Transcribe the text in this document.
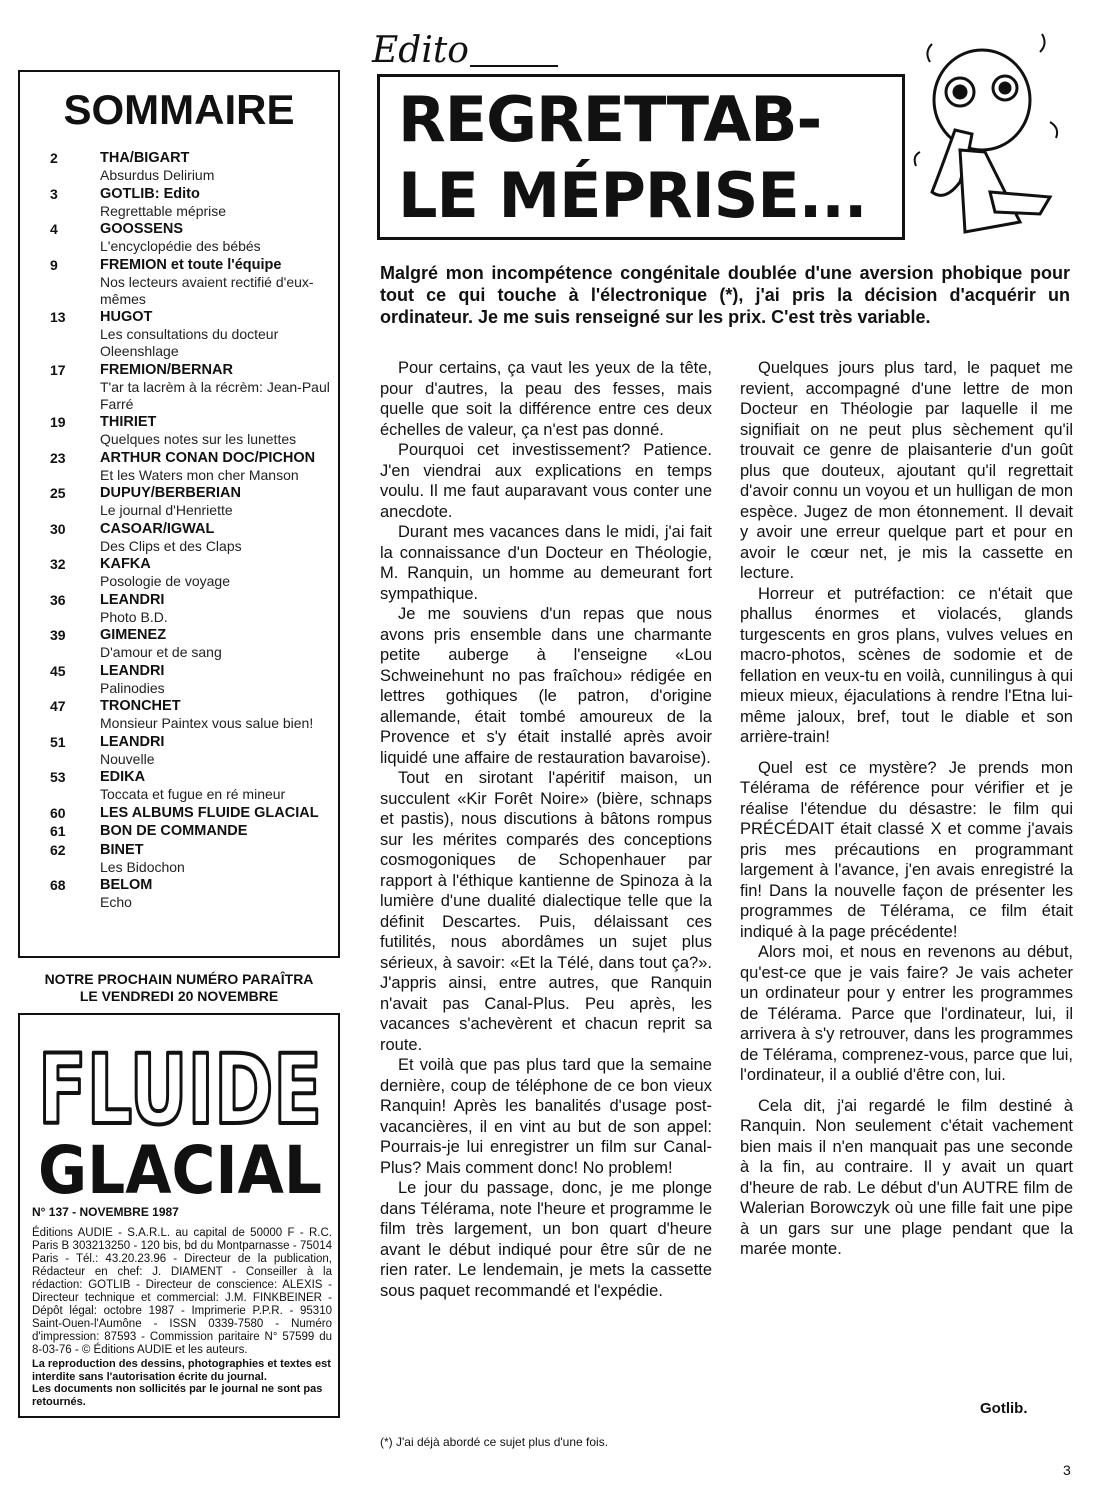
SOMMAIRE
2	THA/BIGART
Absurdus Delirium
3	GOTLIB: Edito
Regrettable méprise
4	GOOSSENS
L'encyclopédie des bébés
9	FREMION et toute l'équipe
Nos lecteurs avaient rectifié d'eux-mêmes
13	HUGOT
Les consultations du docteur Oleenshlage
17	FREMION/BERNAR
T'ar ta lacrèm à la récrèm: Jean-Paul Farré
19	THIRIET
Quelques notes sur les lunettes
23	ARTHUR CONAN DOC/PICHON
Et les Waters mon cher Manson
25	DUPUY/BERBERIAN
Le journal d'Henriette
30	CASOAR/IGWAL
Des Clips et des Claps
32	KAFKA
Posologie de voyage
36	LEANDRI
Photo B.D.
39	GIMENEZ
D'amour et de sang
45	LEANDRI
Palinodies
47	TRONCHET
Monsieur Paintex vous salue bien!
51	LEANDRI
Nouvelle
53	EDIKA
Toccata et fugue en ré mineur
60	LES ALBUMS FLUIDE GLACIAL
61	BON DE COMMANDE
62	BINET
Les Bidochon
68	BELOM
Echo
NOTRE PROCHAIN NUMÉRO PARAÎTRA
LE VENDREDI 20 NOVEMBRE
FLUIDE
GLACIAL
N° 137 - NOVEMBRE 1987
Éditions AUDIE - S.A.R.L. au capital de 50000 F - R.C. Paris B 303213250 - 120 bis, bd du Montparnasse - 75014 Paris - Tél.: 43.20.23.96 - Directeur de la publication, Rédacteur en chef: J. DIAMENT - Conseiller à la rédaction: GOTLIB - Directeur de conscience: ALEXIS - Directeur technique et commercial: J.M. FINKBEINER - Dépôt légal: octobre 1987 - Imprimerie P.P.R. - 95310 Saint-Ouen-l'Aumône - ISSN 0339-7580 - Numéro d'impression: 87593 - Commission paritaire N° 57599 du 8-03-76 - © Éditions AUDIE et les auteurs.
La reproduction des dessins, photographies et textes est interdite sans l'autorisation écrite du journal.
Les documents non sollicités par le journal ne sont pas retournés.
Edito
REGRETTAB-
LE MÉPRISE...
Malgré mon incompétence congénitale doublée d'une aversion phobique pour tout ce qui touche à l'électronique (*), j'ai pris la décision d'acquérir un ordinateur. Je me suis renseigné sur les prix. C'est très variable.

Pour certains, ça vaut les yeux de la tête, pour d'autres, la peau des fesses, mais quelle que soit la différence entre ces deux échelles de valeur, ça n'est pas donné.

Pourquoi cet investissement? Patience. J'en viendrai aux explications en temps voulu. Il me faut auparavant vous conter une anecdote.

Durant mes vacances dans le midi, j'ai fait la connaissance d'un Docteur en Théologie, M. Ranquin, un homme au demeurant fort sympathique.

Je me souviens d'un repas que nous avons pris ensemble dans une charmante petite auberge à l'enseigne «Lou Schweinehunt no pas fraîchou» rédigée en lettres gothiques (le patron, d'origine allemande, était tombé amoureux de la Provence et s'y était installé après avoir liquidé une affaire de restauration bavaroise).

Tout en sirotant l'apéritif maison, un succulent «Kir Forêt Noire» (bière, schnaps et pastis), nous discutions à bâtons rompus sur les mérites comparés des conceptions cosmogoniques de Schopenhauer par rapport à l'éthique kantienne de Spinoza à la lumière d'une dualité dialectique telle que la définit Descartes. Puis, délaissant ces futilités, nous abordâmes un sujet plus sérieux, à savoir: «Et la Télé, dans tout ça?». J'appris ainsi, entre autres, que Ranquin n'avait pas Canal-Plus. Peu après, les vacances s'achevèrent et chacun reprit sa route.

Et voilà que pas plus tard que la semaine dernière, coup de téléphone de ce bon vieux Ranquin! Après les banalités d'usage post-vacancières, il en vint au but de son appel: Pourrais-je lui enregistrer un film sur Canal-Plus? Mais comment donc! No problem!

Le jour du passage, donc, je me plonge dans Télérama, note l'heure et programme le film très largement, un bon quart d'heure avant le début indiqué pour être sûr de ne rien rater. Le lendemain, je mets la cassette sous paquet recommandé et l'expédie.

Quelques jours plus tard, le paquet me revient, accompagné d'une lettre de mon Docteur en Théologie par laquelle il me signifiait on ne peut plus sèchement qu'il trouvait ce genre de plaisanterie d'un goût plus que douteux, ajoutant qu'il regrettait d'avoir connu un voyou et un hulligan de mon espèce. Jugez de mon étonnement. Il devait y avoir une erreur quelque part et pour en avoir le cœur net, je mis la cassette en lecture.

Horreur et putréfaction: ce n'était que phallus énormes et violacés, glands turgescents en gros plans, vulves velues en macro-photos, scènes de sodomie et de fellation en veux-tu en voilà, cunnilingus à qui mieux mieux, éjaculations à rendre l'Etna lui-même jaloux, bref, tout le diable et son arrière-train!

Quel est ce mystère? Je prends mon Télérama de référence pour vérifier et je réalise l'étendue du désastre: le film qui PRÉCÉDAIT était classé X et comme j'avais pris mes précautions en programmant largement à l'avance, j'en avais enregistré la fin! Dans la nouvelle façon de présenter les programmes de Télérama, ce film était indiqué à la page précédente!

Alors moi, et nous en revenons au début, qu'est-ce que je vais faire? Je vais acheter un ordinateur pour y entrer les programmes de Télérama. Parce que l'ordinateur, lui, il arrivera à s'y retrouver, dans les programmes de Télérama, comprenez-vous, parce que lui, l'ordinateur, il a oublié d'être con, lui.

Cela dit, j'ai regardé le film destiné à Ranquin. Non seulement c'était vachement bien mais il n'en manquait pas une seconde à la fin, au contraire. Il y avait un quart d'heure de rab. Le début d'un AUTRE film de Walerian Borowczyk où une fille fait une pipe à un gars sur une plage pendant que la marée monte.

Gotlib.
(*) J'ai déjà abordé ce sujet plus d'une fois.
3
